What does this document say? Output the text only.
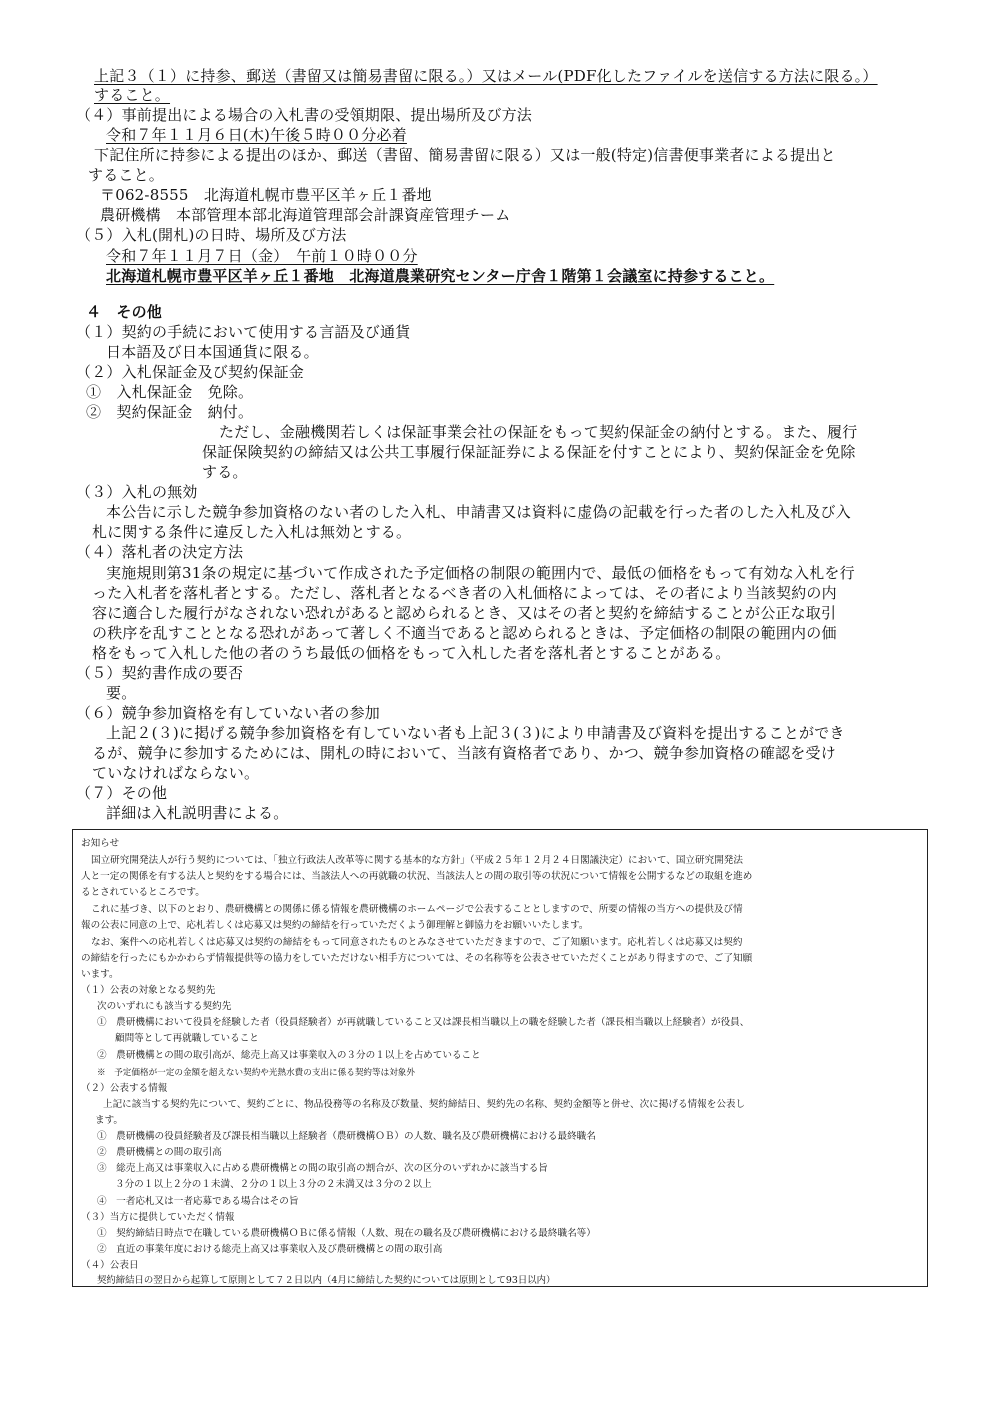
上記３（１）に持参、郵送（書留又は簡易書留に限る。）又はメール(PDF化したファイルを送信する方法に限る。）
すること。
（４）事前提出による場合の入札書の受領期限、提出場所及び方法
令和７年１１月６日(木)午後５時００分必着
下記住所に持参による提出のほか、郵送（書留、簡易書留に限る）又は一般(特定)信書便事業者による提出と
すること。
〒062-8555　北海道札幌市豊平区羊ヶ丘１番地
農研機構　本部管理本部北海道管理部会計課資産管理チーム
（５）入札(開札)の日時、場所及び方法
令和７年１１月７日（金）　午前１０時００分
北海道札幌市豊平区羊ヶ丘１番地　北海道農業研究センター庁舎１階第１会議室に持参すること。
４　その他
（１）契約の手続において使用する言語及び通貨
日本語及び日本国通貨に限る。
（２）入札保証金及び契約保証金
①　入札保証金　免除。
②　契約保証金　納付。
ただし、金融機関若しくは保証事業会社の保証をもって契約保証金の納付とする。また、履行
保証保険契約の締結又は公共工事履行保証証券による保証を付すことにより、契約保証金を免除
する。
（３）入札の無効
本公告に示した競争参加資格のない者のした入札、申請書又は資料に虚偽の記載を行った者のした入札及び入
札に関する条件に違反した入札は無効とする。
（４）落札者の決定方法
実施規則第31条の規定に基づいて作成された予定価格の制限の範囲内で、最低の価格をもって有効な入札を行
った入札者を落札者とする。ただし、落札者となるべき者の入札価格によっては、その者により当該契約の内
容に適合した履行がなされない恐れがあると認められるとき、又はその者と契約を締結することが公正な取引
の秩序を乱すこととなる恐れがあって著しく不適当であると認められるときは、予定価格の制限の範囲内の価
格をもって入札した他の者のうち最低の価格をもって入札した者を落札者とすることがある。
（５）契約書作成の要否
要。
（６）競争参加資格を有していない者の参加
上記２(３)に掲げる競争参加資格を有していない者も上記３(３)により申請書及び資料を提出することができ
るが、競争に参加するためには、開札の時において、当該有資格者であり、かつ、競争参加資格の確認を受け
ていなければならない。
（７）その他
詳細は入札説明書による。
お知らせ
国立研究開発法人が行う契約については、「独立行政法人改革等に関する基本的な方針」（平成２５年１２月２４日閣議決定）において、国立研究開発法
人と一定の関係を有する法人と契約をする場合には、当該法人への再就職の状況、当該法人との間の取引等の状況について情報を公開するなどの取組を進め
るとされているところです。
これに基づき、以下のとおり、農研機構との関係に係る情報を農研機構のホームページで公表することとしますので、所要の情報の当方への提供及び情
報の公表に同意の上で、応札若しくは応募又は契約の締結を行っていただくよう御理解と御協力をお願いいたします。
なお、案件への応札若しくは応募又は契約の締結をもって同意されたものとみなさせていただきますので、ご了知願います。応札若しくは応募又は契約
の締結を行ったにもかかわらず情報提供等の協力をしていただけない相手方については、その名称等を公表させていただくことがあり得ますので、ご了知願
います。
（１）公表の対象となる契約先
次のいずれにも該当する契約先
①　農研機構において役員を経験した者（役員経験者）が再就職していること又は課長相当職以上の職を経験した者（課長相当職以上経験者）が役員、
顧問等として再就職していること
②　農研機構との間の取引高が、総売上高又は事業収入の３分の１以上を占めていること
※　予定価格が一定の金額を超えない契約や光熱水費の支出に係る契約等は対象外
（２）公表する情報
上記に該当する契約先について、契約ごとに、物品役務等の名称及び数量、契約締結日、契約先の名称、契約金額等と併せ、次に掲げる情報を公表し
ます。
①　農研機構の役員経験者及び課長相当職以上経験者（農研機構ＯＢ）の人数、職名及び農研機構における最終職名
②　農研機構との間の取引高
③　総売上高又は事業収入に占める農研機構との間の取引高の割合が、次の区分のいずれかに該当する旨
３分の１以上２分の１未満、２分の１以上３分の２未満又は３分の２以上
④　一者応札又は一者応募である場合はその旨
（３）当方に提供していただく情報
①　契約締結日時点で在職している農研機構ＯＢに係る情報（人数、現在の職名及び農研機構における最終職名等）
②　直近の事業年度における総売上高又は事業収入及び農研機構との間の取引高
（４）公表日
契約締結日の翌日から起算して原則として７２日以内（4月に締結した契約については原則として93日以内）
